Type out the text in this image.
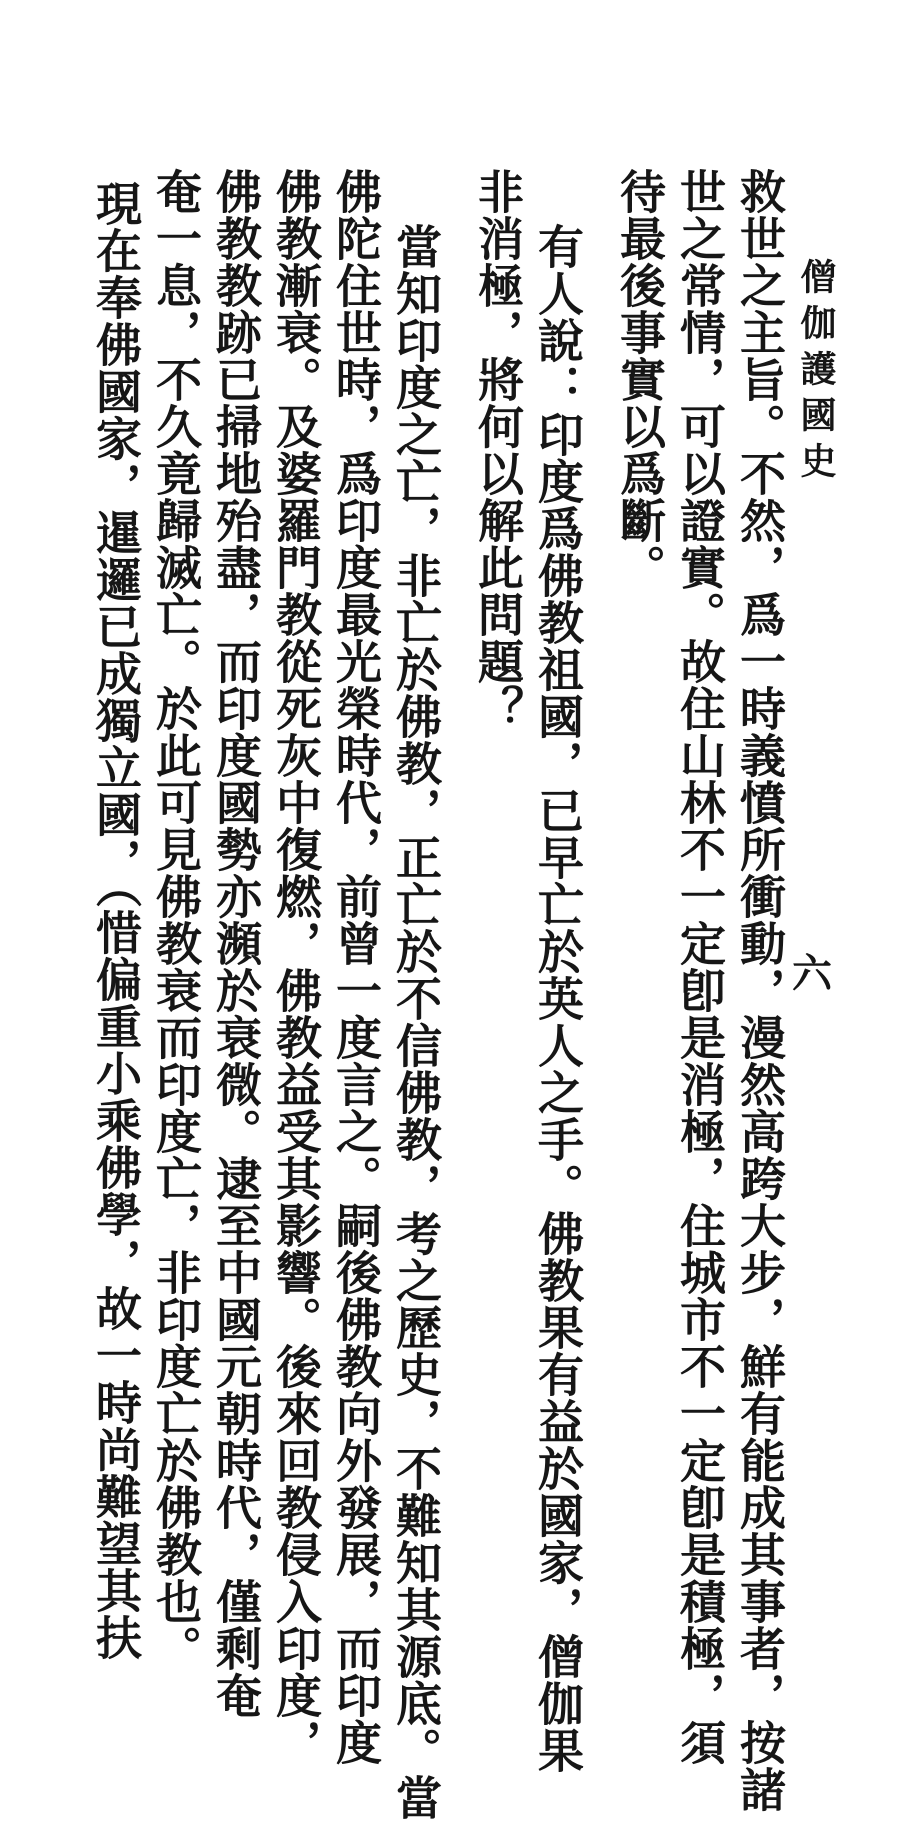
僧伽護國史
六
救世之主旨。不然，爲一時義憤所衝動，漫然高跨大步，鮮有能成其事者，按諸
世之常情，可以證實。故住山林不一定卽是消極，住城市不一定卽是積極，須
待最後事實以爲斷。
有人說：印度爲佛教祖國，已早亡於英人之手。佛教果有益於國家，僧伽果
非消極，將何以解此問題？
當知印度之亡，非亡於佛教，正亡於不信佛教，考之歷史，不難知其源底。當
佛陀住世時，爲印度最光榮時代，前曾一度言之。嗣後佛教向外發展，而印度
佛教漸衰。及婆羅門教從死灰中復燃，佛教益受其影響。後來回教侵入印度，
佛教教跡已掃地殆盡，而印度國勢亦瀕於衰微。逮至中國元朝時代，僅剩奄
奄一息，不久竟歸滅亡。於此可見佛教衰而印度亡，非印度亡於佛教也。
現在奉佛國家，暹邏已成獨立國，（惜偏重小乘佛學，故一時尚難望其扶
